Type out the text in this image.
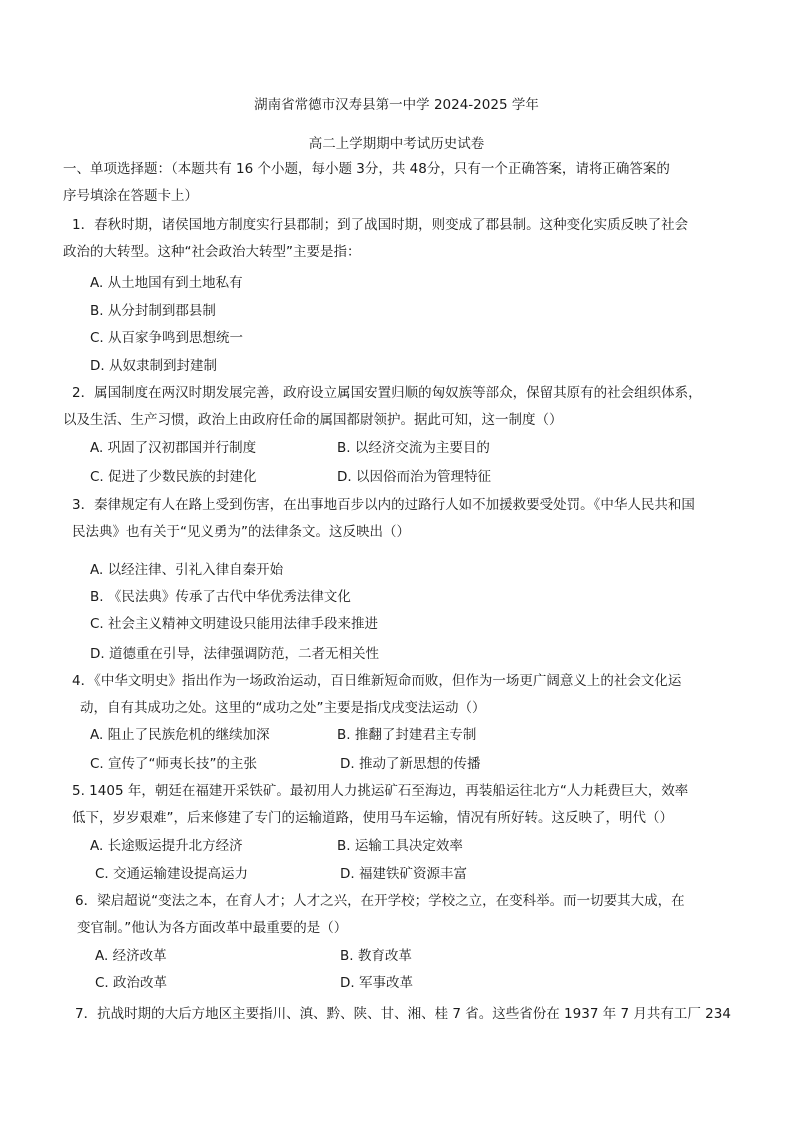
湖南省常德市汉寿县第一中学 2024-2025 学年
高二上学期期中考试历史试卷
一、单项选择题：（本题共有 16 个小题，每小题 3分，共 48分，只有一个正确答案，请将正确答案的
序号填涂在答题卡上）
1．春秋时期，诸侯国地方制度实行县郡制；到了战国时期，则变成了郡县制。这种变化实质反映了社会
政治的大转型。这种“社会政治大转型”主要是指：
A. 从土地国有到土地私有
B. 从分封制到郡县制
C. 从百家争鸣到思想统一
D. 从奴隶制到封建制
2．属国制度在两汉时期发展完善，政府设立属国安置归顺的匈奴族等部众，保留其原有的社会组织体系，
以及生活、生产习惯，政治上由政府任命的属国都尉领护。据此可知，这一制度（）
A. 巩固了汉初郡国并行制度	B. 以经济交流为主要目的
C. 促进了少数民族的封建化	D. 以因俗而治为管理特征
3．秦律规定有人在路上受到伤害，在出事地百步以内的过路行人如不加援救要受处罚。《中华人民共和国
民法典》也有关于“见义勇为”的法律条文。这反映出（）
A. 以经注律、引礼入律自秦开始
B. 《民法典》传承了古代中华优秀法律文化
C. 社会主义精神文明建设只能用法律手段来推进
D. 道德重在引导，法律强调防范，二者无相关性
4．《中华文明史》指出作为一场政治运动，百日维新短命而败，但作为一场更广阔意义上的社会文化运
动，自有其成功之处。这里的“成功之处”主要是指戊戌变法运动（）
A. 阻止了民族危机的继续加深	B. 推翻了封建君主专制
C. 宣传了“师夷长技”的主张	D. 推动了新思想的传播
5. 1405 年，朝廷在福建开采铁矿。最初用人力挑运矿石至海边，再装船运往北方“人力耗费巨大，效率
低下，岁岁艰难”，后来修建了专门的运输道路，使用马车运输，情况有所好转。这反映了，明代（）
A. 长途贩运提升北方经济	B. 运输工具决定效率
C. 交通运输建设提高运力	D. 福建铁矿资源丰富
6．梁启超说“变法之本，在育人才；人才之兴，在开学校；学校之立，在变科举。而一切要其大成，在
变官制。”他认为各方面改革中最重要的是（）
A. 经济改革	B. 教育改革
C. 政治改革	D. 军事改革
7．抗战时期的大后方地区主要指川、滇、黔、陕、甘、湘、桂 7 省。这些省份在 1937 年 7 月共有工厂 234
